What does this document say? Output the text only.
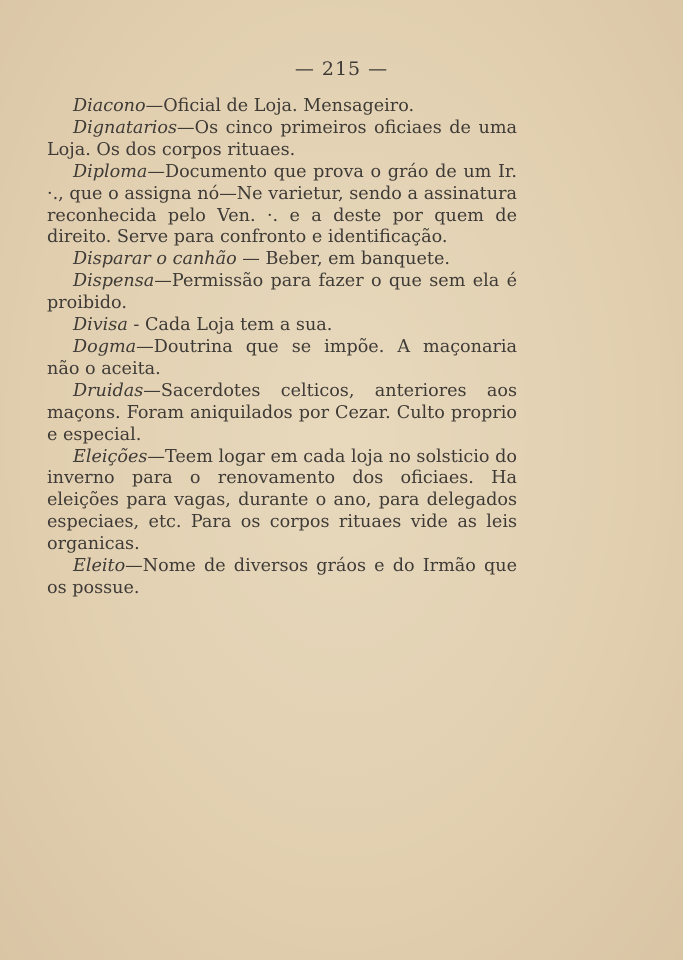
— 215 —

Diacono—Oficial de Loja. Mensageiro.

Dignatarios—Os cinco primeiros oficiaes de uma Loja. Os dos corpos rituaes.

Diploma—Documento que prova o gráo de um Ir. ·., que o assigna nó—Ne varietur, sendo a assinatura reconhecida pelo Ven. ·. e a deste por quem de direito. Serve para confronto e identificação.

Disparar o canhão — Beber, em banquete.

Dispensa—Permissão para fazer o que sem ela é proibido.

Divisa - Cada Loja tem a sua.

Dogma—Doutrina que se impõe. A maçonaria não o aceita.

Druidas—Sacerdotes celticos, anteriores aos maçons. Foram aniquilados por Cezar. Culto proprio e especial.

Eleições—Teem logar em cada loja no solsticio do inverno para o renovamento dos oficiaes. Ha eleições para vagas, durante o ano, para delegados especiaes, etc. Para os corpos rituaes vide as leis organicas.

Eleito—Nome de diversos gráos e do Irmão que os possue.
